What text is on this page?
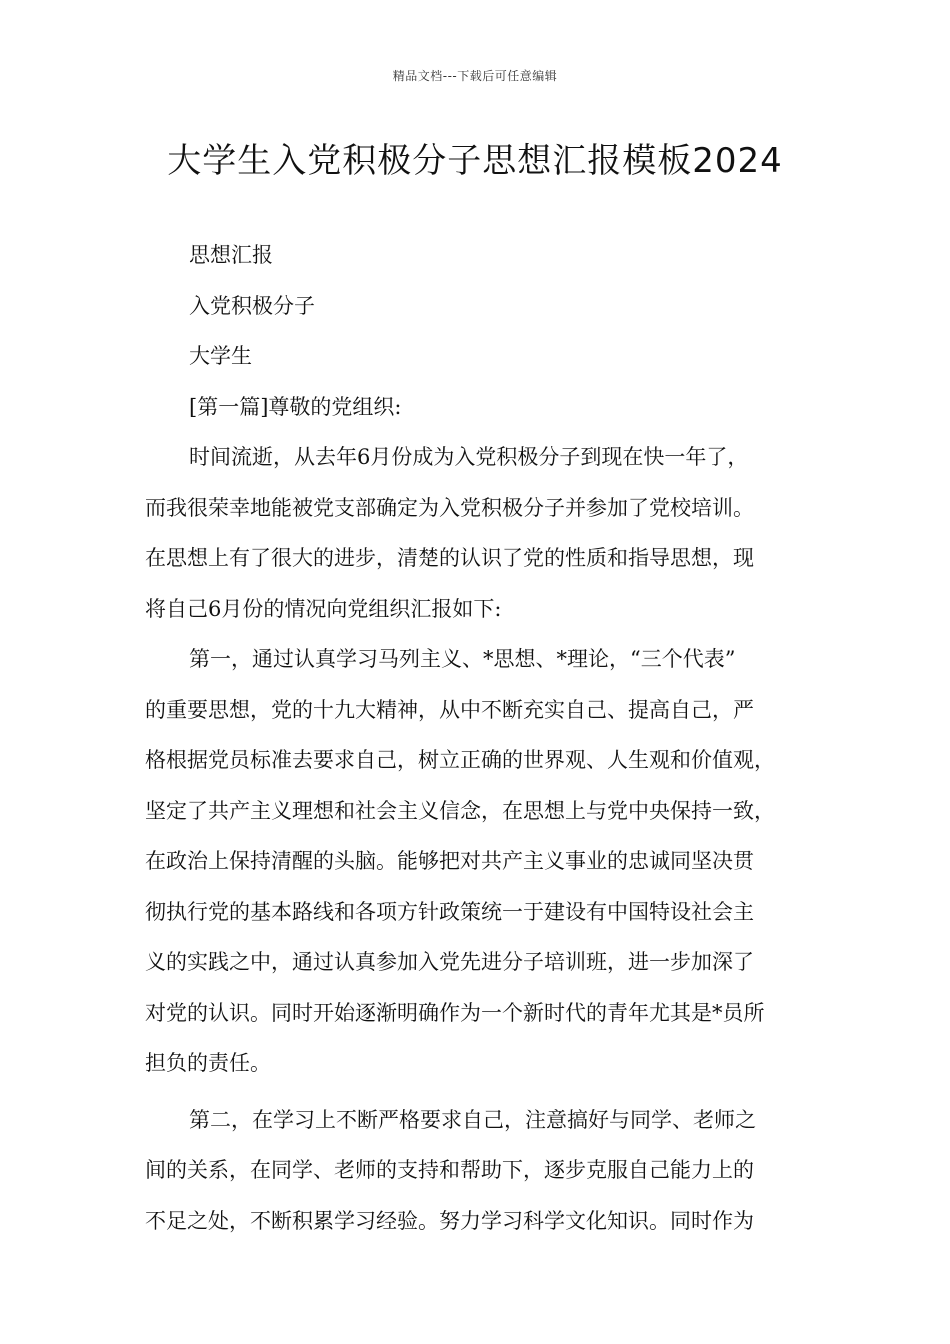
精品文档---下载后可任意编辑
大学生入党积极分子思想汇报模板2024
思想汇报
入党积极分子
大学生
[第一篇]尊敬的党组织:
时间流逝，从去年6月份成为入党积极分子到现在快一年了，
而我很荣幸地能被党支部确定为入党积极分子并参加了党校培训。
在思想上有了很大的进步，清楚的认识了党的性质和指导思想，现
将自己6月份的情况向党组织汇报如下:
第一，通过认真学习马列主义、*思想、*理论，“三个代表”
的重要思想，党的十九大精神，从中不断充实自己、提高自己，严
格根据党员标准去要求自己，树立正确的世界观、人生观和价值观，
坚定了共产主义理想和社会主义信念，在思想上与党中央保持一致，
在政治上保持清醒的头脑。能够把对共产主义事业的忠诚同坚决贯
彻执行党的基本路线和各项方针政策统一于建设有中国特设社会主
义的实践之中，通过认真参加入党先进分子培训班，进一步加深了
对党的认识。同时开始逐渐明确作为一个新时代的青年尤其是*员所
担负的责任。
第二，在学习上不断严格要求自己，注意搞好与同学、老师之
间的关系，在同学、老师的支持和帮助下，逐步克服自己能力上的
不足之处，不断积累学习经验。努力学习科学文化知识。同时作为
